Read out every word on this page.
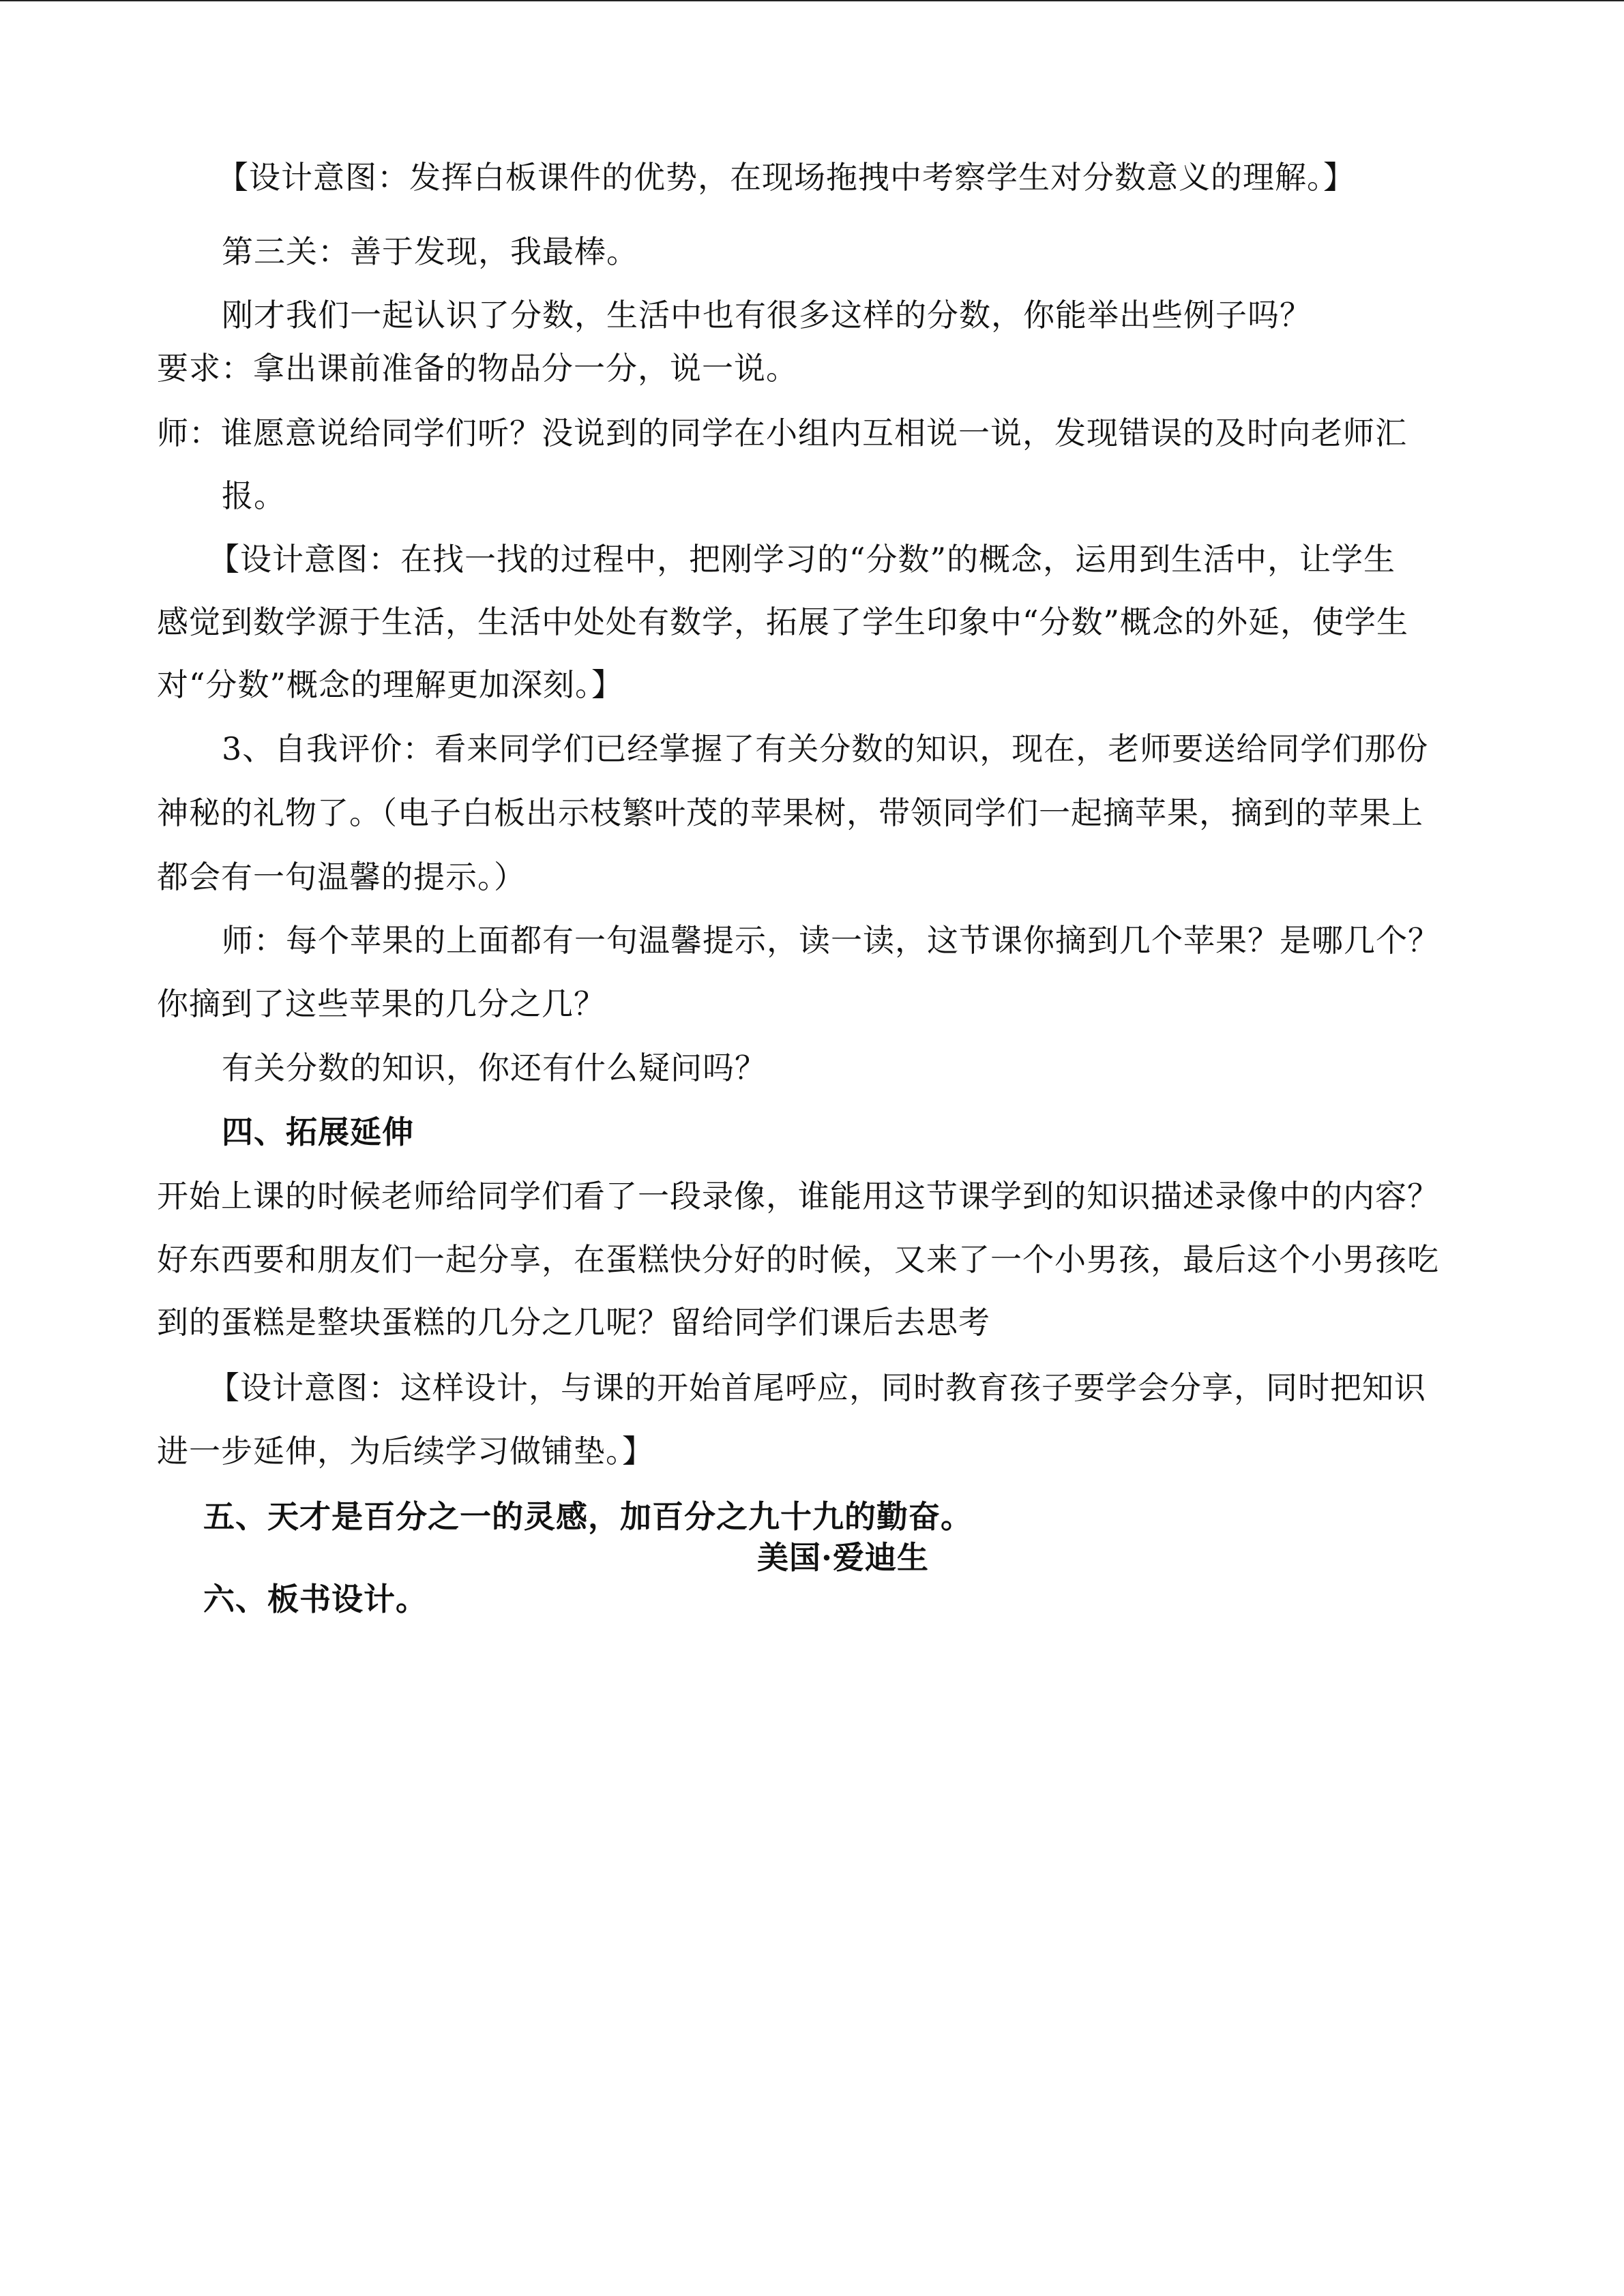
【设计意图：发挥白板课件的优势，在现场拖拽中考察学生对分数意义的理解。】
第三关：善于发现，我最棒。
刚才我们一起认识了分数，生活中也有很多这样的分数，你能举出些例子吗？
要求：拿出课前准备的物品分一分，说一说。
师：谁愿意说给同学们听？没说到的同学在小组内互相说一说，发现错误的及时向老师汇
报。
【设计意图：在找一找的过程中，把刚学习的“分数”的概念，运用到生活中，让学生
感觉到数学源于生活，生活中处处有数学，拓展了学生印象中“分数”概念的外延，使学生
对“分数”概念的理解更加深刻。】
3、自我评价：看来同学们已经掌握了有关分数的知识，现在，老师要送给同学们那份
神秘的礼物了。（电子白板出示枝繁叶茂的苹果树，带领同学们一起摘苹果，摘到的苹果上
都会有一句温馨的提示。）
师：每个苹果的上面都有一句温馨提示，读一读，这节课你摘到几个苹果？是哪几个？
你摘到了这些苹果的几分之几？
有关分数的知识，你还有什么疑问吗？
四、拓展延伸
开始上课的时候老师给同学们看了一段录像，谁能用这节课学到的知识描述录像中的内容？
好东西要和朋友们一起分享，在蛋糕快分好的时候，又来了一个小男孩，最后这个小男孩吃
到的蛋糕是整块蛋糕的几分之几呢？留给同学们课后去思考
【设计意图：这样设计，与课的开始首尾呼应，同时教育孩子要学会分享，同时把知识
进一步延伸，为后续学习做铺垫。】
五、天才是百分之一的灵感，加百分之九十九的勤奋。
美国·爱迪生
六、板书设计。
